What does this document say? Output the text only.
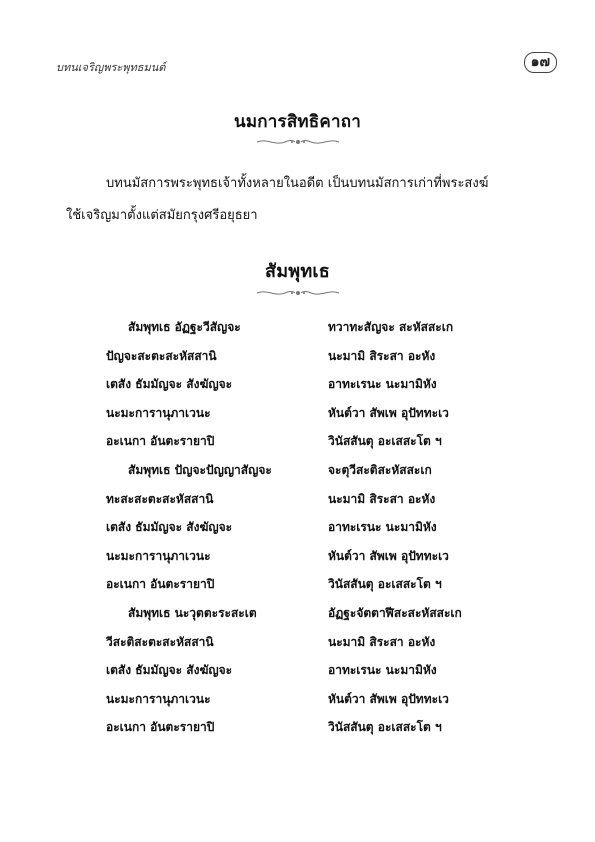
บทนเจริญพระพุทธมนต์	๑๗
นมการสิทธิคาถา
บทนมัสการพระพุทธเจ้าทั้งหลายในอดีต เป็นบทนมัสการเก่าที่พระสงฆ์
ใช้เจริญมาตั้งแต่สมัยกรุงศรีอยุธยา
สัมพุทเธ
สัมพุทเธ อัฏฐะวีสัญจะ	ทวาทะสัญจะ สะหัสสะเก
ปัญจะสะตะสะหัสสานิ	นะมามิ สิระสา อะหัง
เตสัง ธัมมัญจะ สังฆัญจะ	อาทะเรนะ นะมามิหัง
นะมะการานุภาเวนะ	หันต์วา สัพเพ อุปัททะเว
อะเนกา อันตะรายาปิ	วินัสสันตุ อะเสสะโต ฯ
สัมพุทเธ ปัญจะปัญญาสัญจะ	จะตุวีสะติสะหัสสะเก
ทะสะสะตะสะหัสสานิ	นะมามิ สิระสา อะหัง
เตสัง ธัมมัญจะ สังฆัญจะ	อาทะเรนะ นะมามิหัง
นะมะการานุภาเวนะ	หันต์วา สัพเพ อุปัททะเว
อะเนกา อันตะรายาปิ	วินัสสันตุ อะเสสะโต ฯ
สัมพุทเธ นะวุตตะระสะเต	อัฏฐะจัตตาฬีสะสะหัสสะเก
วีสะติสะตะสะหัสสานิ	นะมามิ สิระสา อะหัง
เตสัง ธัมมัญจะ สังฆัญจะ	อาทะเรนะ นะมามิหัง
นะมะการานุภาเวนะ	หันต์วา สัพเพ อุปัททะเว
อะเนกา อันตะรายาปิ	วินัสสันตุ อะเสสะโต ฯ
